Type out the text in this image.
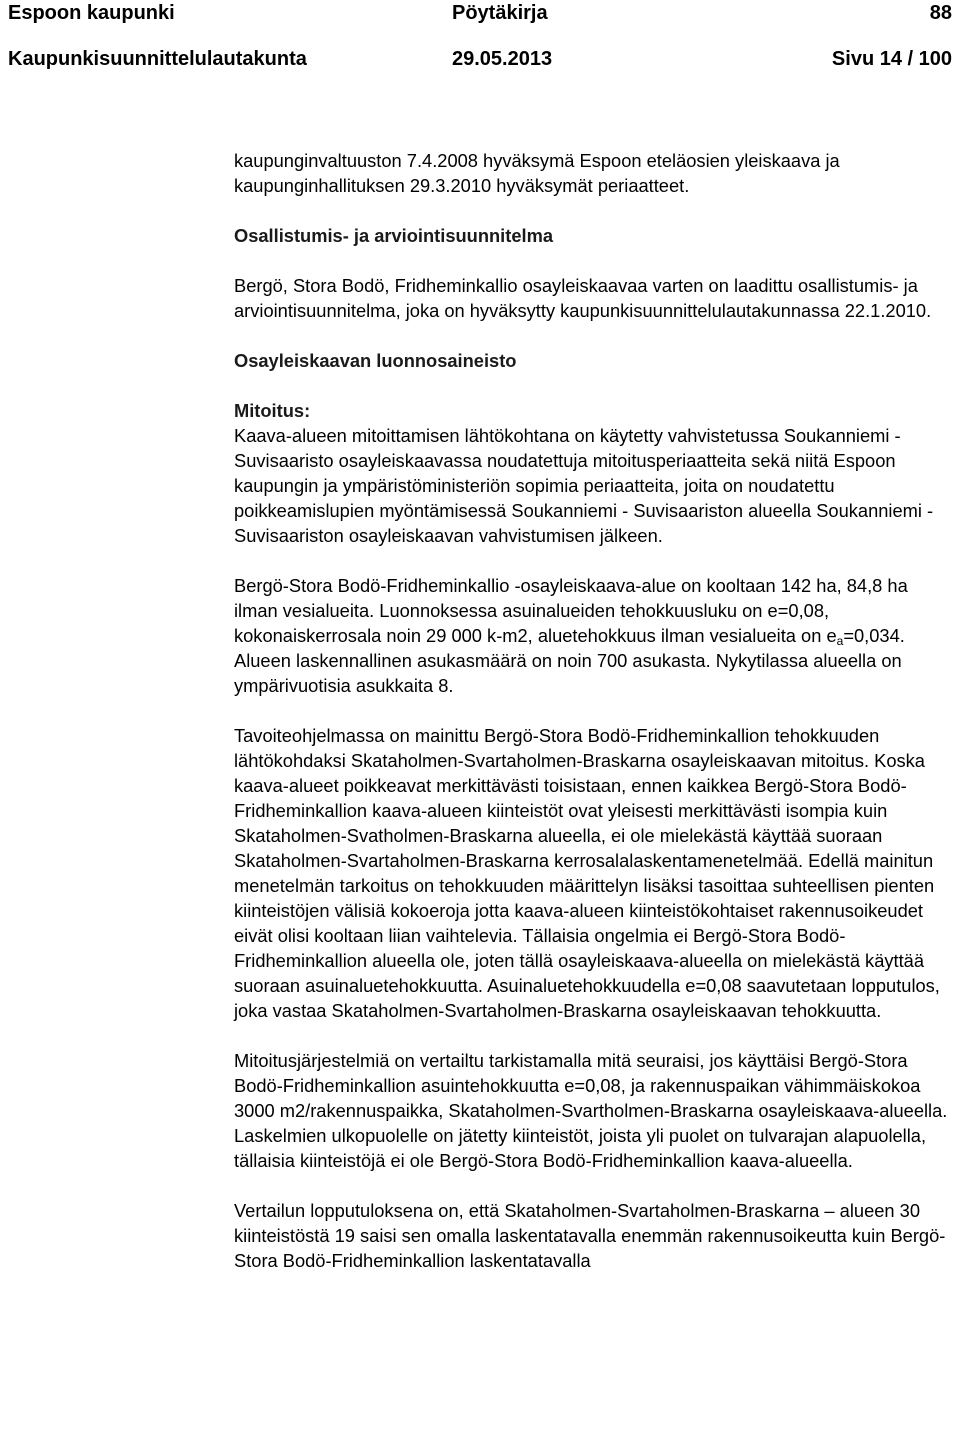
Espoon kaupunki	Pöytäkirja	88
Kaupunkisuunnittelulautakunta	29.05.2013	Sivu 14 / 100

kaupunginvaltuuston 7.4.2008 hyväksymä Espoon eteläosien yleiskaava ja kaupunginhallituksen 29.3.2010 hyväksymät periaatteet.

Osallistumis- ja arviointisuunnitelma

Bergö, Stora Bodö, Fridheminkallio osayleiskaavaa varten on laadittu osallistumis- ja arviointisuunnitelma, joka on hyväksytty kaupunkisuunnittelulautakunnassa 22.1.2010.

Osayleiskaavan luonnosaineisto
Mitoitus:

Kaava-alueen mitoittamisen lähtökohtana on käytetty vahvistetussa Soukanniemi - Suvisaaristo osayleiskaavassa noudatettuja mitoitusperiaatteita sekä niitä Espoon kaupungin ja ympäristöministeriön sopimia periaatteita, joita on noudatettu poikkeamislupien myöntämisessä Soukanniemi - Suvisaariston alueella Soukanniemi - Suvisaariston osayleiskaavan vahvistumisen jälkeen.

Bergö-Stora Bodö-Fridheminkallio -osayleiskaava-alue on kooltaan 142 ha, 84,8 ha ilman vesialueita. Luonnoksessa asuinalueiden tehokkuusluku on e=0,08, kokonaiskerrosala noin 29 000 k-m2, aluetehokkuus ilman vesialueita on $e_a=0,034$. Alueen laskennallinen asukasmäärä on noin 700 asukasta. Nykytilassa alueella on ympärivuotisia asukkaita 8.

Tavoiteohjelmassa on mainittu Bergö-Stora Bodö-Fridheminkallion tehokkuuden lähtökohdaksi Skataholmen-Svartaholmen-Braskarna osayleiskaavan mitoitus. Koska kaava-alueet poikkeavat merkittävästi toisistaan, ennen kaikkea Bergö-Stora Bodö-Fridheminkallion kaava-alueen kiinteistöt ovat yleisesti merkittävästi isompia kuin Skataholmen-Svatholmen-Braskarna alueella, ei ole mielekästä käyttää suoraan Skataholmen-Svartaholmen-Braskarna kerrosalalaskentamenetelmää. Edellä mainitun menetelmän tarkoitus on tehokkuuden määrittelyn lisäksi tasoittaa suhteellisen pienten kiinteistöjen välisiä kokoeroja jotta kaava-alueen kiinteistökohtaiset rakennusoikeudet eivät olisi kooltaan liian vaihtelevia. Tällaisia ongelmia ei Bergö-Stora Bodö-Fridheminkallion alueella ole, joten tällä osayleiskaava-alueella on mielekästä käyttää suoraan asuinaluetehokkuutta. Asuinaluetehokkuudella e=0,08 saavutetaan lopputulos, joka vastaa Skataholmen-Svartaholmen-Braskarna osayleiskaavan tehokkuutta.

Mitoitusjärjestelmiä on vertailtu tarkistamalla mitä seuraisi, jos käyttäisi Bergö-Stora Bodö-Fridheminkallion asuintehokkuutta e=0,08, ja rakennuspaikan vähimmäiskokoa 3000 m2/rakennuspaikka, Skataholmen-Svartholmen-Braskarna osayleiskaava-alueella. Laskelmien ulkopuolelle on jätetty kiinteistöt, joista yli puolet on tulvarajan alapuolella, tällaisia kiinteistöjä ei ole Bergö-Stora Bodö-Fridheminkallion kaava-alueella.

Vertailun lopputuloksena on, että Skataholmen-Svartaholmen-Braskarna – alueen 30 kiinteistöstä 19 saisi sen omalla laskentatavalla enemmän rakennusoikeutta kuin Bergö-Stora Bodö-Fridheminkallion laskentatavalla
